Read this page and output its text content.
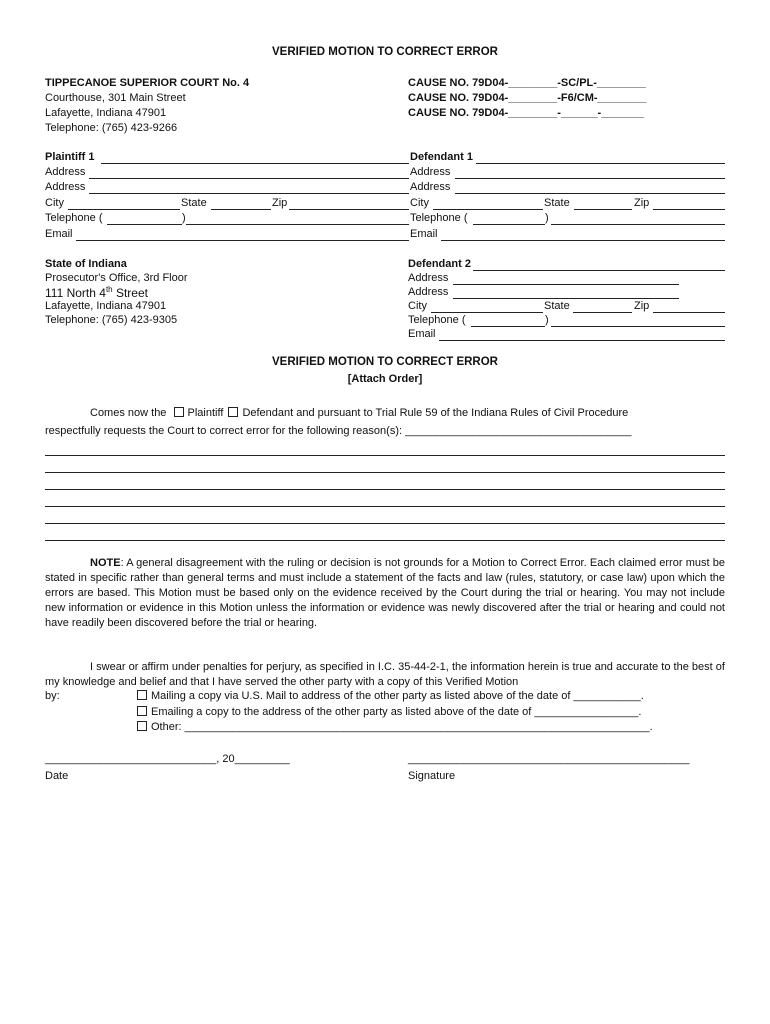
VERIFIED MOTION TO CORRECT ERROR
TIPPECANOE SUPERIOR COURT No. 4
Courthouse, 301 Main Street
Lafayette, Indiana 47901
Telephone: (765) 423-9266
CAUSE NO. 79D04-________-SC/PL-________
CAUSE NO. 79D04-________-F6/CM-________
CAUSE NO. 79D04-________-______-_______
Plaintiff 1
Address
Address
City	State	Zip
Telephone (	)
Email
Defendant 1
Address
Address
City	State	Zip
Telephone (	)
Email
State of Indiana
Prosecutor's Office, 3rd Floor
111 North 4th Street
Lafayette, Indiana 47901
Telephone: (765) 423-9305
Defendant 2
Address
Address
City	State	Zip
Telephone (	)
Email
VERIFIED MOTION TO CORRECT ERROR
[Attach Order]
Comes now the Plaintiff Defendant and pursuant to Trial Rule 59 of the Indiana Rules of Civil Procedure
respectfully requests the Court to correct error for the following reason(s): _____________________________________
NOTE: A general disagreement with the ruling or decision is not grounds for a Motion to Correct Error. Each claimed error must be stated in specific rather than general terms and must include a statement of the facts and law (rules, statutory, or case law) upon which the errors are based. This Motion must be based only on the evidence received by the Court during the trial or hearing. You may not include new information or evidence in this Motion unless the information or evidence was newly discovered after the trial or hearing and could not have readily been discovered before the trial or hearing.
I swear or affirm under penalties for perjury, as specified in I.C. 35-44-2-1, the information herein is true and accurate to the best of my knowledge and belief and that I have served the other party with a copy of this Verified Motion
by:	Mailing a copy via U.S. Mail to address of the other party as listed above of the date of ___________.
Emailing a copy to the address of the other party as listed above of the date of _________________.
Other: ____________________________________________________________________________.
____________________________, 20_________
Date
______________________________________________
Signature
